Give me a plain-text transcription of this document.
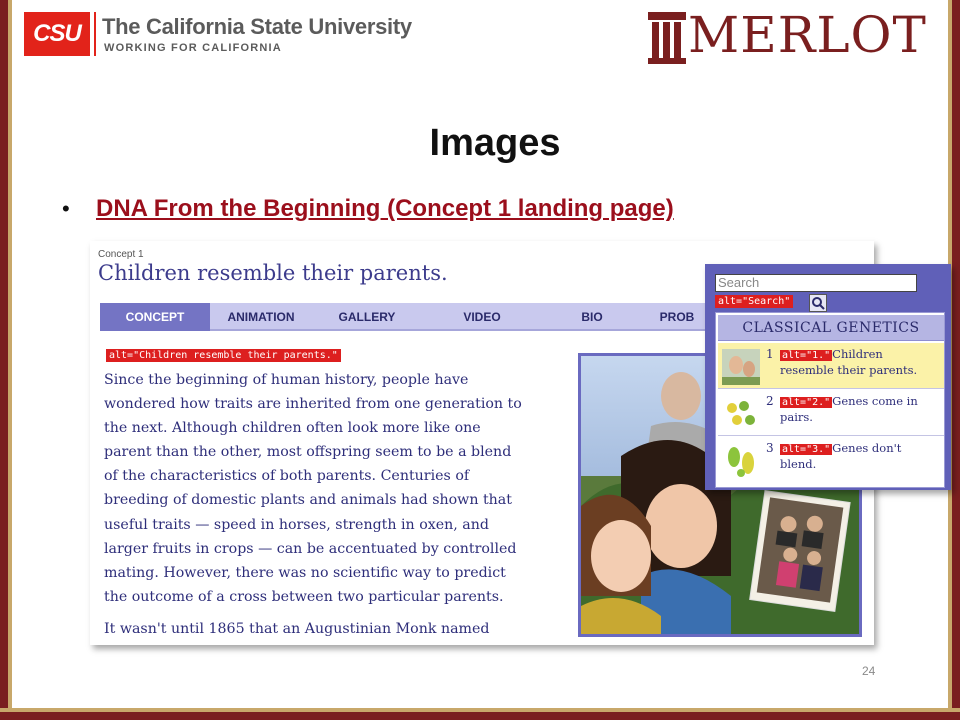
CSU The California State University
WORKING FOR CALIFORNIA	MERLOT
Images
• DNA From the Beginning (Concept 1 landing page)
Concept 1
Children resemble their parents.
CONCEPT	ANIMATION	GALLERY	VIDEO	BIO	PROB
alt="Children resemble their parents."
Since the beginning of human history, people have
wondered how traits are inherited from one generation to
the next. Although children often look more like one
parent than the other, most offspring seem to be a blend
of the characteristics of both parents. Centuries of
breeding of domestic plants and animals had shown that
useful traits — speed in horses, strength in oxen, and
larger fruits in crops — can be accentuated by controlled
mating. However, there was no scientific way to predict
the outcome of a cross between two particular parents.
It wasn't until 1865 that an Augustinian Monk named
Search
alt="Search"
CLASSICAL GENETICS
1 alt="1." Children
resemble their parents.
2 alt="2." Genes come in
pairs.
3 alt="3." Genes don't
blend.
24
